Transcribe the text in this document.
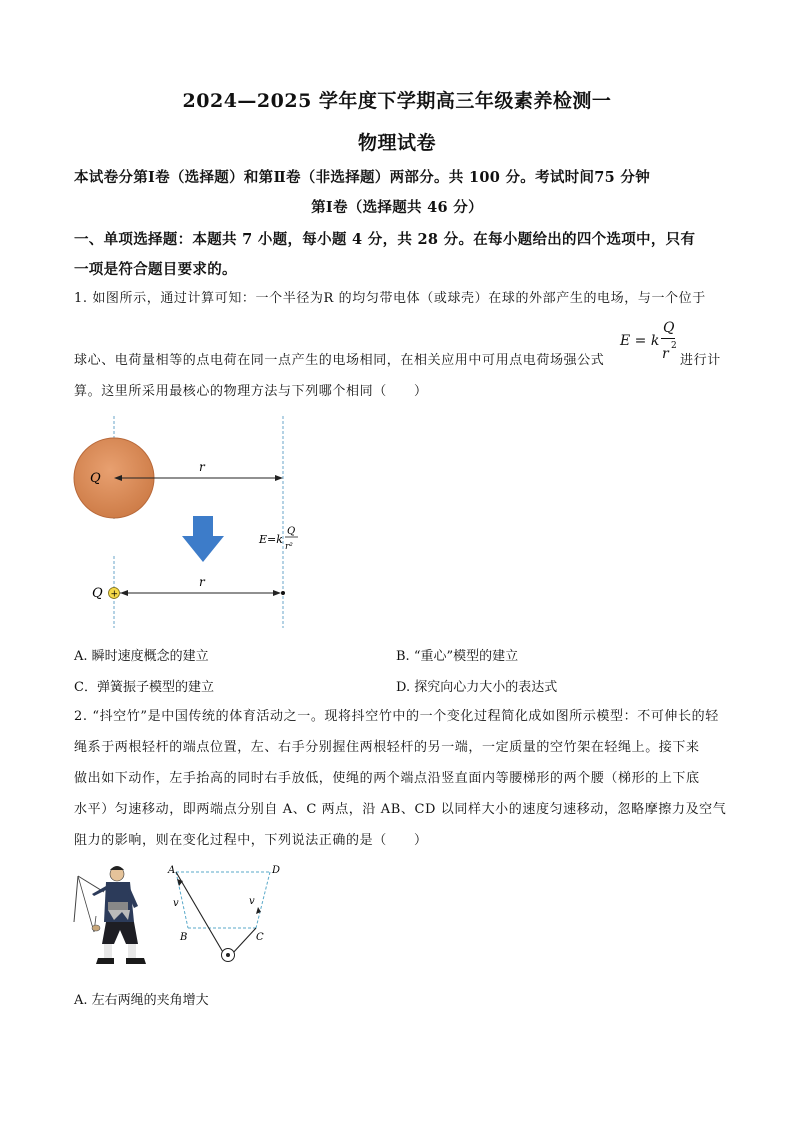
2024—2025 学年度下学期高三年级素养检测一
物理试卷
本试卷分第Ⅰ卷（选择题）和第Ⅱ卷（非选择题）两部分。共 100 分。考试时间75 分钟
第Ⅰ卷（选择题共 46 分）
一、单项选择题：本题共 7 小题，每小题 4 分，共 28 分。在每小题给出的四个选项中，只有
一项是符合题目要求的。
1. 如图所示，通过计算可知：一个半径为R 的均匀带电体（或球壳）在球的外部产生的电场，与一个位于
E = k
Q
r 2
球心、电荷量相等的点电荷在同一点产生的电场相同，在相关应用中可用点电荷场强公式	进行计
算。这里所采用最核心的物理方法与下列哪个相同（　　）
Q
r
E=k
Q
r²
Q +
r
A. 瞬时速度概念的建立	B. “重心”模型的建立
C．弹簧振子模型的建立	D. 探究向心力大小的表达式
2. “抖空竹”是中国传统的体育活动之一。现将抖空竹中的一个变化过程简化成如图所示模型：不可伸长的轻
绳系于两根轻杆的端点位置，左、右手分别握住两根轻杆的另一端，一定质量的空竹架在轻绳上。接下来
做出如下动作，左手抬高的同时右手放低，使绳的两个端点沿竖直面内等腰梯形的两个腰（梯形的上下底
水平）匀速移动，即两端点分别自 A、C 两点，沿 AB、CD 以同样大小的速度匀速移动，忽略摩擦力及空气
阻力的影响，则在变化过程中，下列说法正确的是（　　）
A	D
B	C
v	v
A. 左右两绳的夹角增大
